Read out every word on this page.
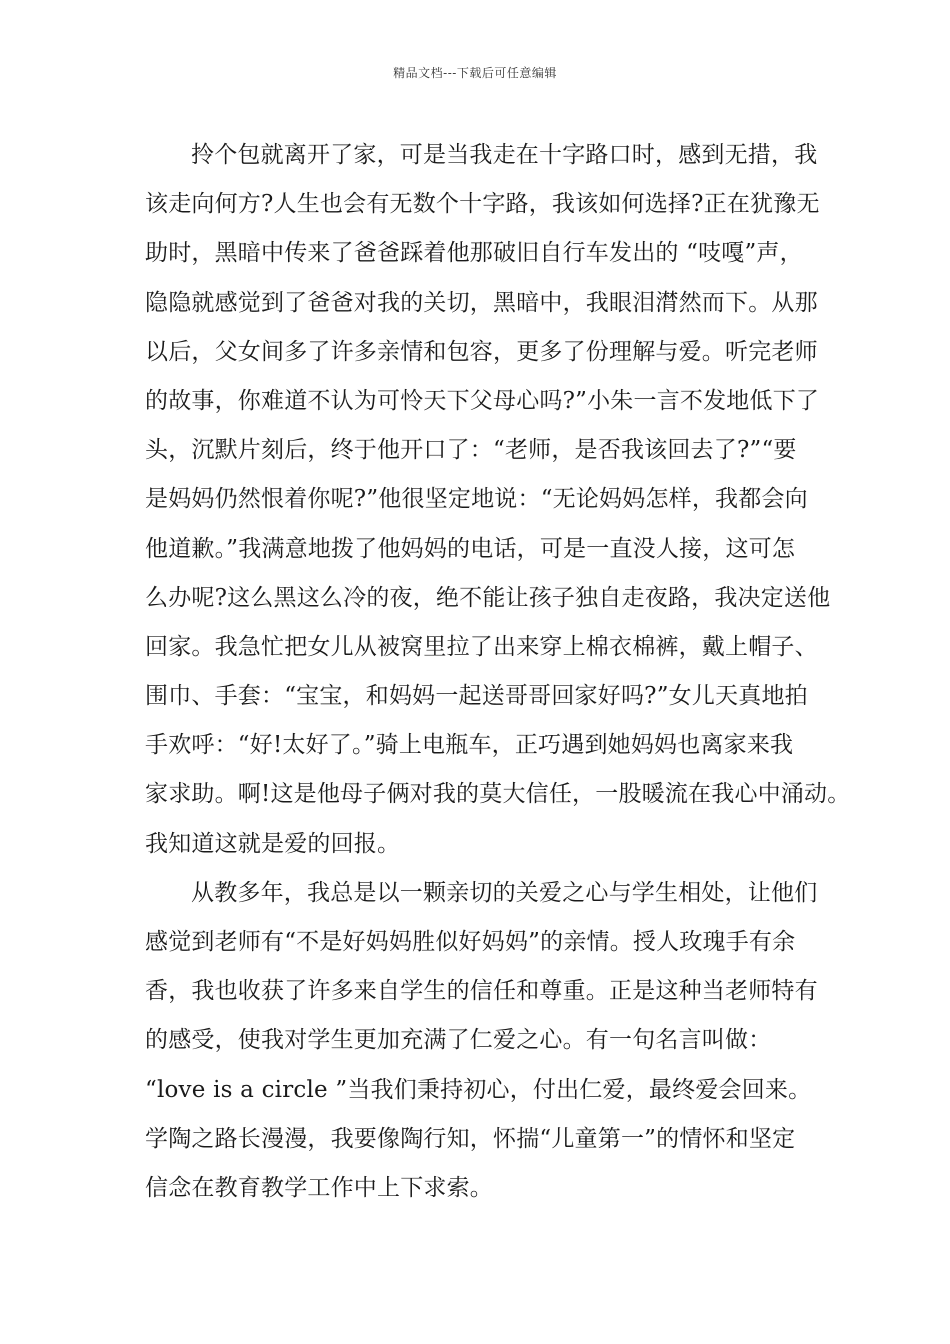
精品文档---下载后可任意编辑
拎个包就离开了家，可是当我走在十字路口时，感到无措，我
该走向何方?人生也会有无数个十字路，我该如何选择?正在犹豫无
助时，黑暗中传来了爸爸踩着他那破旧自行车发出的 “吱嘎”声，
隐隐就感觉到了爸爸对我的关切，黑暗中，我眼泪潸然而下。从那
以后，父女间多了许多亲情和包容，更多了份理解与爱。听完老师
的故事，你难道不认为可怜天下父母心吗?”小朱一言不发地低下了
头，沉默片刻后，终于他开口了：“老师，是否我该回去了?”“要
是妈妈仍然恨着你呢?”他很坚定地说：“无论妈妈怎样，我都会向
他道歉。”我满意地拨了他妈妈的电话，可是一直没人接，这可怎
么办呢?这么黑这么冷的夜，绝不能让孩子独自走夜路，我决定送他
回家。我急忙把女儿从被窝里拉了出来穿上棉衣棉裤，戴上帽子、
围巾、手套：“宝宝，和妈妈一起送哥哥回家好吗?”女儿天真地拍
手欢呼：“好!太好了。”骑上电瓶车，正巧遇到她妈妈也离家来我
家求助。啊!这是他母子俩对我的莫大信任，一股暖流在我心中涌动。
我知道这就是爱的回报。
从教多年，我总是以一颗亲切的关爱之心与学生相处，让他们
感觉到老师有“不是好妈妈胜似好妈妈”的亲情。授人玫瑰手有余
香，我也收获了许多来自学生的信任和尊重。正是这种当老师特有
的感受，使我对学生更加充满了仁爱之心。有一句名言叫做：
“love is a circle ”当我们秉持初心，付出仁爱，最终爱会回来。
学陶之路长漫漫，我要像陶行知，怀揣“儿童第一”的情怀和坚定
信念在教育教学工作中上下求索。
